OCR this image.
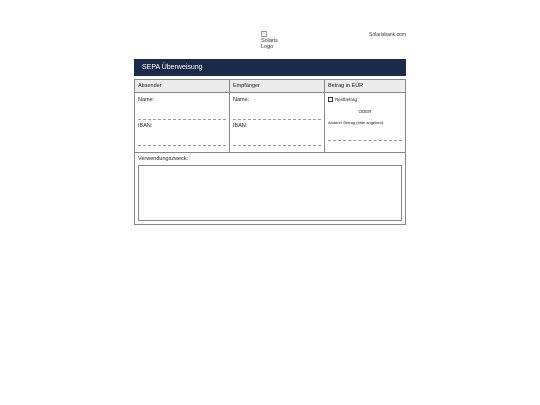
Solaris Logo
Solarisbank.com
SEPA Überweisung
Absender
Name:
IBAN:
Empfänger
Name:
IBAN:
Betrag in EUR
Restbetrag
ODER
Anderer Betrag (bitte angeben):
Verwendungszweck:
